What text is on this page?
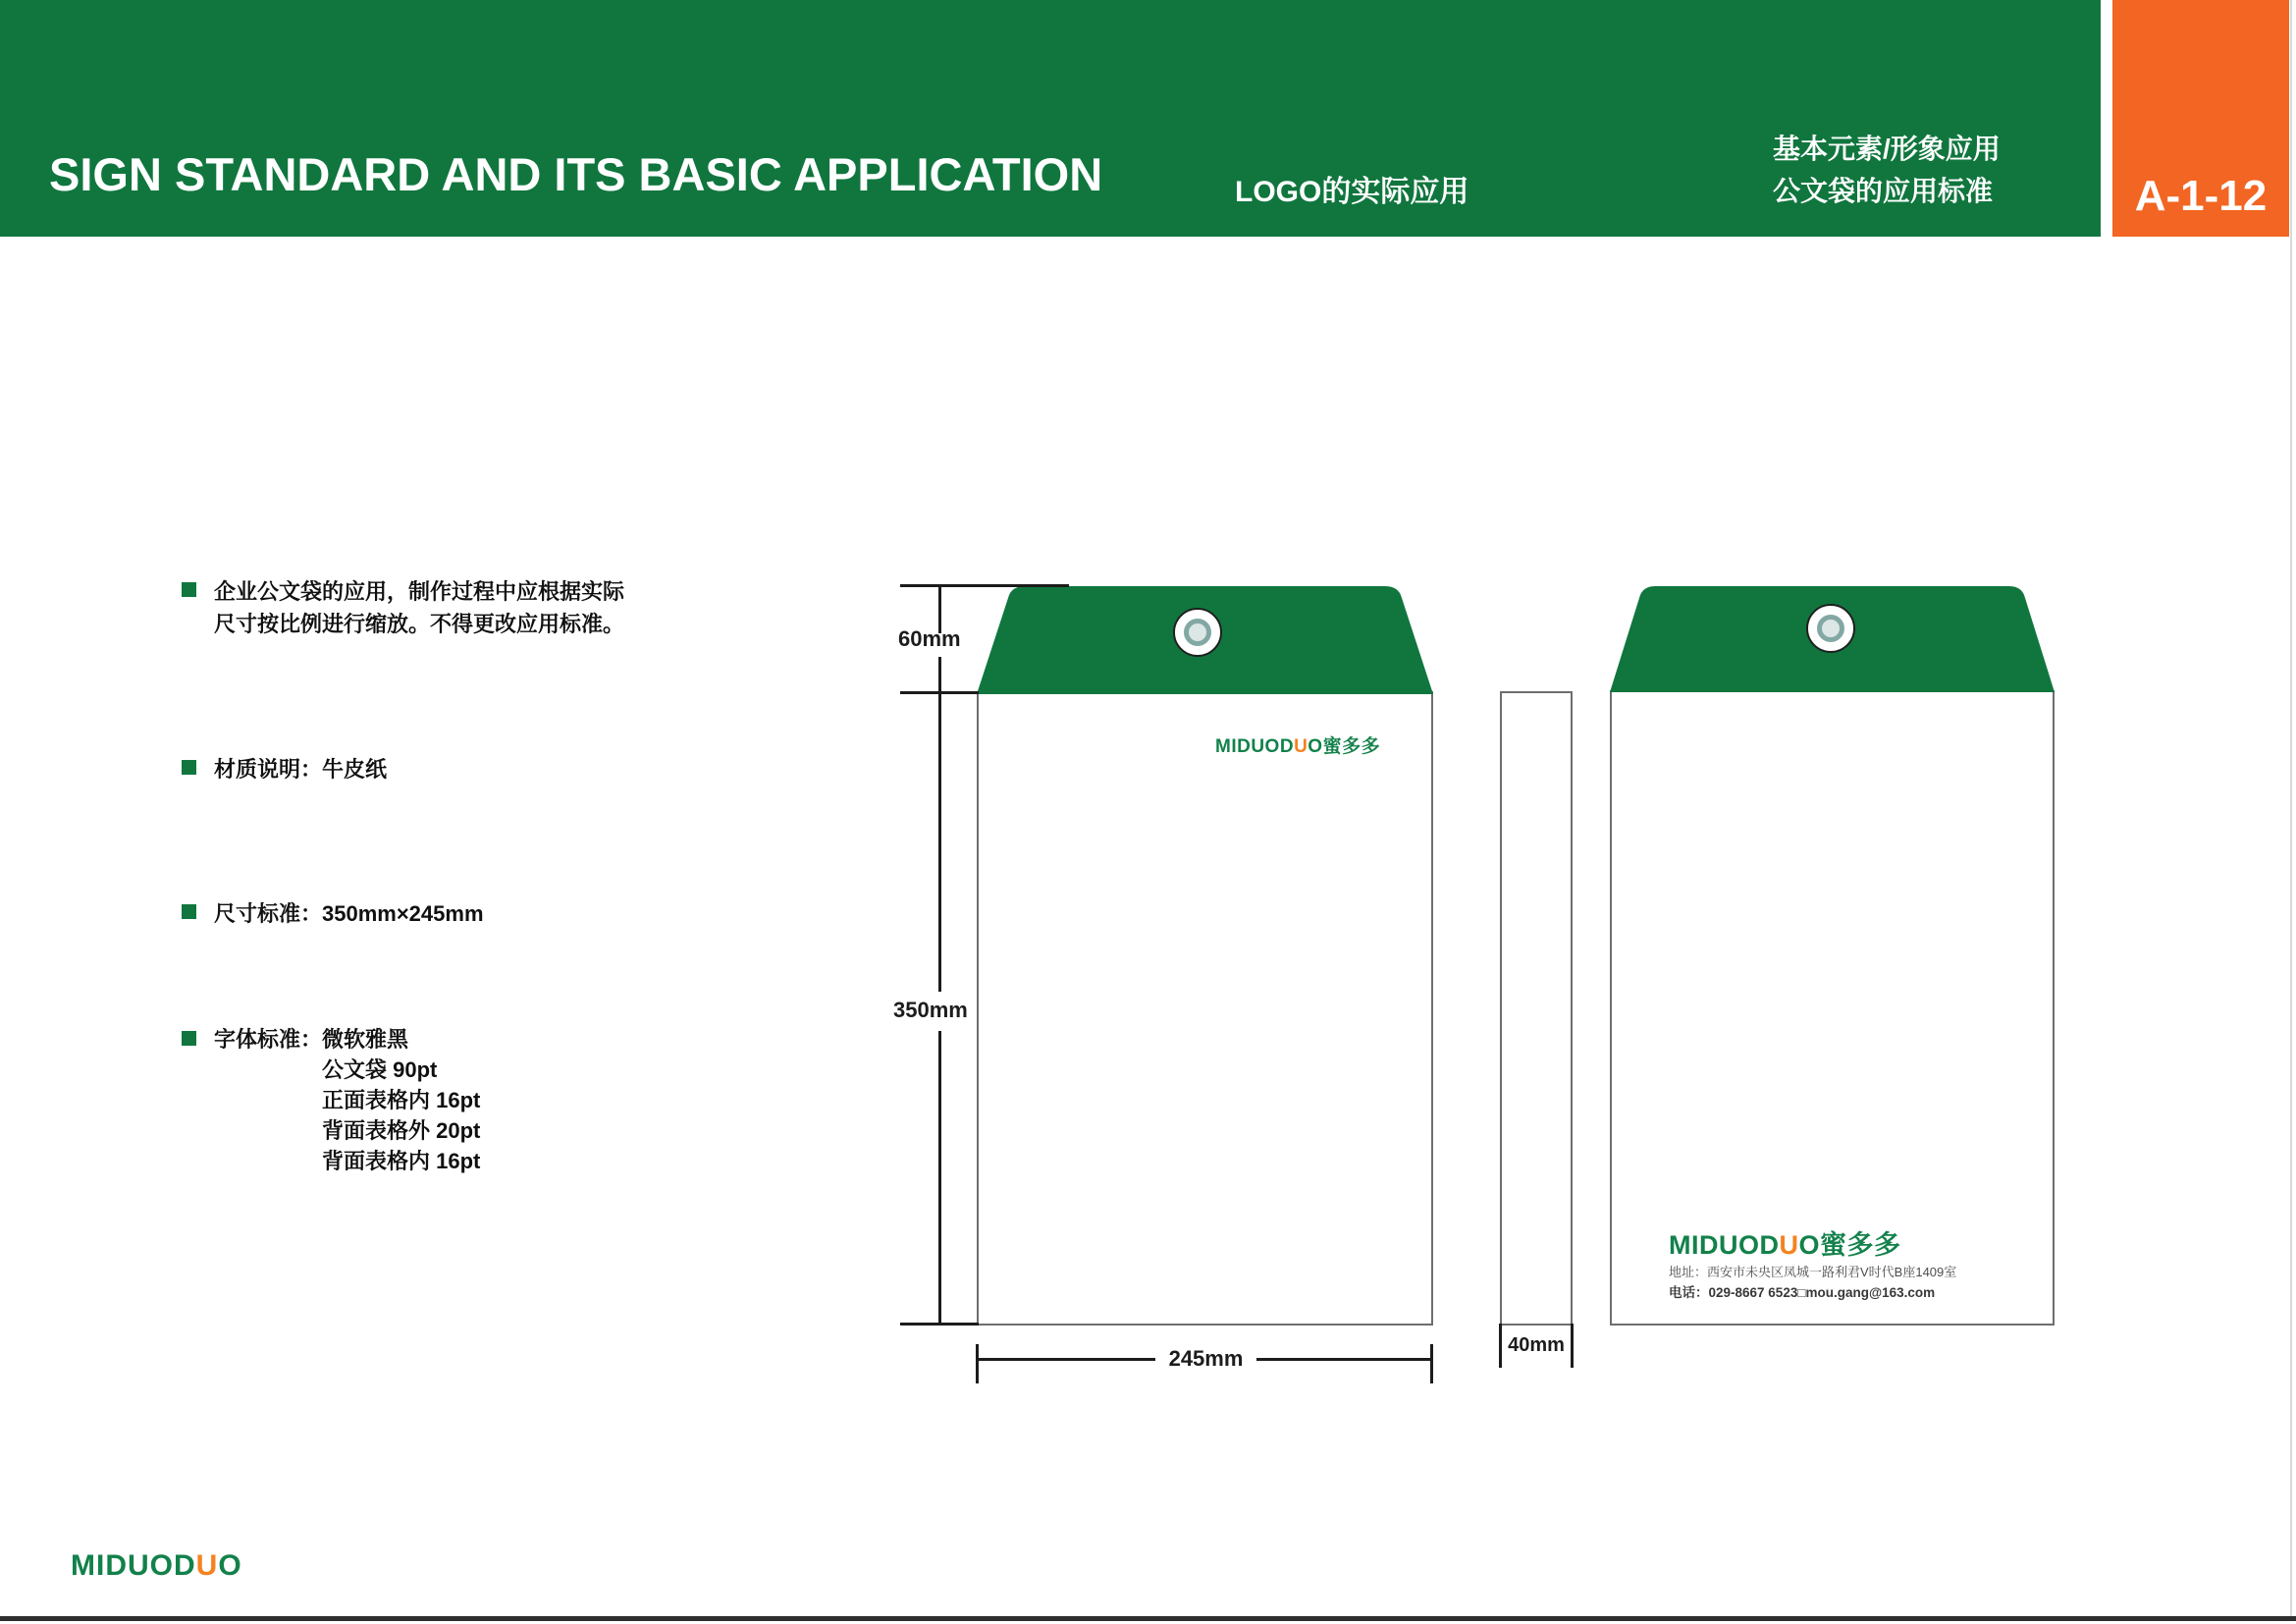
SIGN STANDARD AND ITS BASIC APPLICATION	LOGO的实际应用
基本元素/形象应用
公文袋的应用标准	A-1-12
企业公文袋的应用，制作过程中应根据实际
尺寸按比例进行缩放。不得更改应用标准。
材质说明：牛皮纸
尺寸标准：350mm×245mm
字体标准：微软雅黑
公文袋 90pt
正面表格内 16pt
背面表格外 20pt
背面表格内 16pt
MIDUODUO蜜多多
60mm
350mm
245mm
40mm
MIDUODUO蜜多多
地址：西安市未央区凤城一路利君V时代B座1409室
电话：029-8667 6523□mou.gang@163.com
MIDUODUO
